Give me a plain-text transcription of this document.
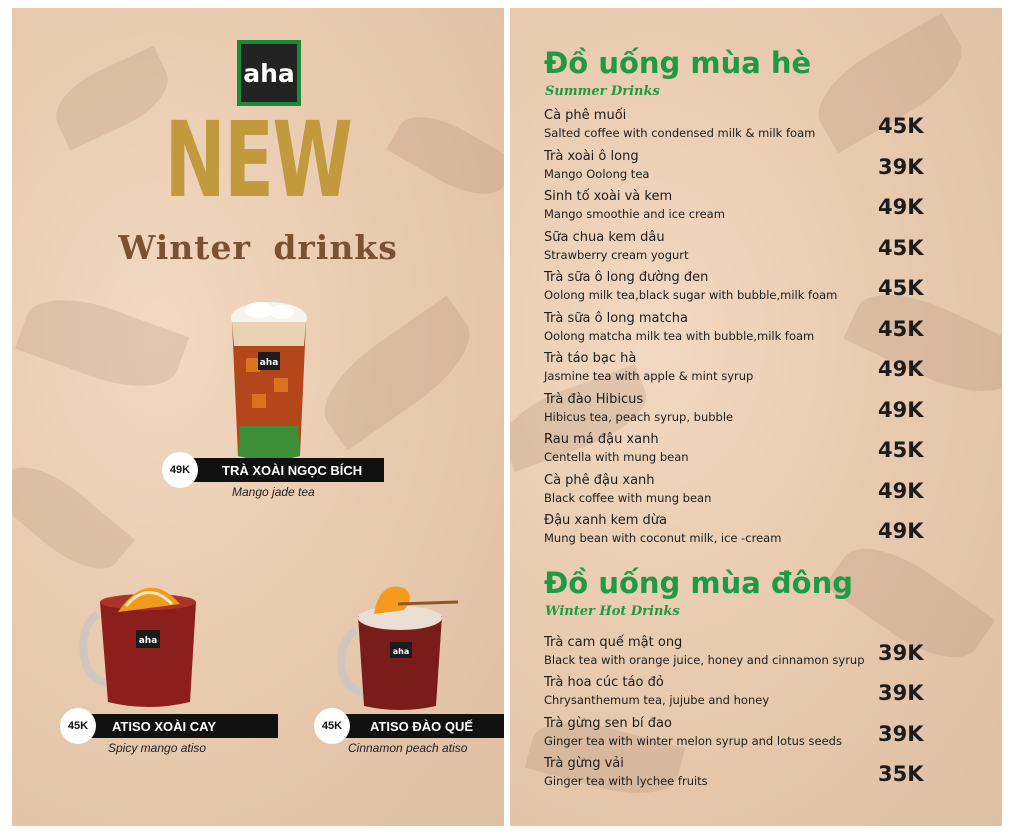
aha
NEW
Winter drinks
aha
TRÀ XOÀI NGỌC BÍCH
49K
Mango jade tea
aha
ATISO XOÀI CAY
45K
Spicy mango atiso
aha
ATISO ĐÀO QUẾ
45K
Cinnamon peach atiso
Đồ uống mùa hè
Summer Drinks
Cà phê muối
Salted coffee with condensed milk & milk foam	45K
Trà xoài ô long
Mango Oolong tea	39K
Sinh tố xoài và kem
Mango smoothie and ice cream	49K
Sữa chua kem dâu
Strawberry cream yogurt	45K
Trà sữa ô long đường đen
Oolong milk tea,black sugar with bubble,milk foam 45K
Trà sữa ô long matcha
Oolong matcha milk tea with bubble,milk foam	45K
Trà táo bạc hà
Jasmine tea with apple & mint syrup	49K
Trà đào Hibicus
Hibicus tea, peach syrup, bubble	49K
Rau má đậu xanh
Centella with mung bean	45K
Cà phê đậu xanh
Black coffee with mung bean	49K
Đậu xanh kem dừa
Mung bean with coconut milk, ice -cream	49K
Đồ uống mùa đông
Winter Hot Drinks
Trà cam quế mật ong
Black tea with orange juice, honey and cinnamon syrup 39K
Trà hoa cúc táo đỏ
Chrysanthemum tea, jujube and honey	39K
Trà gừng sen bí đao
Ginger tea with winter melon syrup and lotus seeds 39K
Trà gừng vải
Ginger tea with lychee fruits	35K
